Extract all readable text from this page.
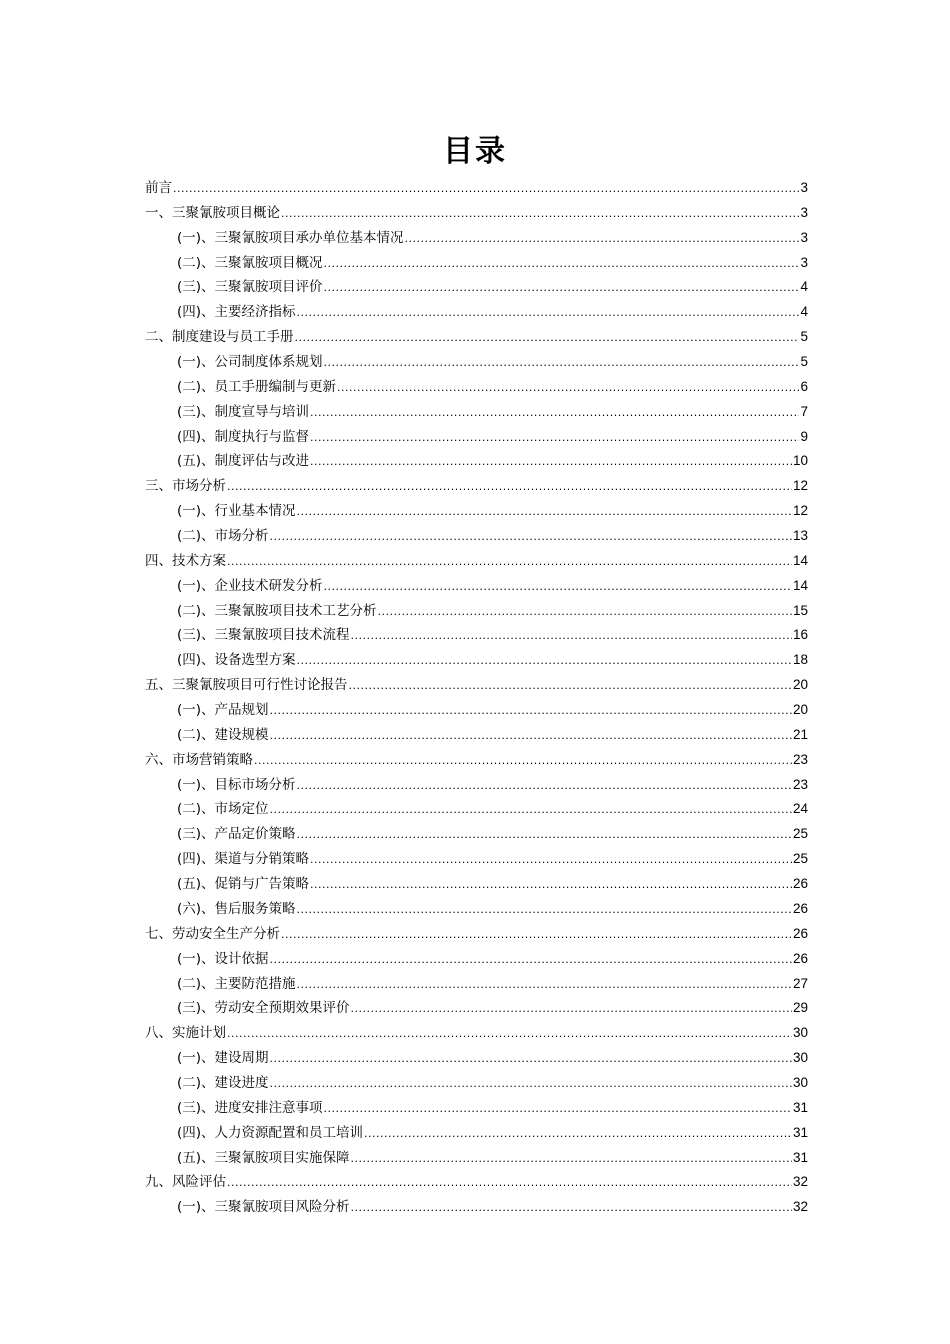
目录
前言 .....	3
一、三聚氰胺项目概论 .....	3
(一)、三聚氰胺项目承办单位基本情况 .....	3
(二)、三聚氰胺项目概况 .....	3
(三)、三聚氰胺项目评价 .....	4
(四)、主要经济指标 .....	4
二、制度建设与员工手册 .....	5
(一)、公司制度体系规划 .....	5
(二)、员工手册编制与更新 .....	6
(三)、制度宣导与培训 .....	7
(四)、制度执行与监督 .....	9
(五)、制度评估与改进 .....	10
三、市场分析 .....	12
(一)、行业基本情况 .....	12
(二)、市场分析 .....	13
四、技术方案 .....	14
(一)、企业技术研发分析 .....	14
(二)、三聚氰胺项目技术工艺分析 .....	15
(三)、三聚氰胺项目技术流程 .....	16
(四)、设备选型方案 .....	18
五、三聚氰胺项目可行性讨论报告 .....	20
(一)、产品规划 .....	20
(二)、建设规模 .....	21
六、市场营销策略 .....	23
(一)、目标市场分析 .....	23
(二)、市场定位 .....	24
(三)、产品定价策略 .....	25
(四)、渠道与分销策略 .....	25
(五)、促销与广告策略 .....	26
(六)、售后服务策略 .....	26
七、劳动安全生产分析 .....	26
(一)、设计依据 .....	26
(二)、主要防范措施 .....	27
(三)、劳动安全预期效果评价 .....	29
八、实施计划 .....	30
(一)、建设周期 .....	30
(二)、建设进度 .....	30
(三)、进度安排注意事项 .....	31
(四)、人力资源配置和员工培训 .....	31
(五)、三聚氰胺项目实施保障 .....	31
九、风险评估 .....	32
(一)、三聚氰胺项目风险分析 .....	32
